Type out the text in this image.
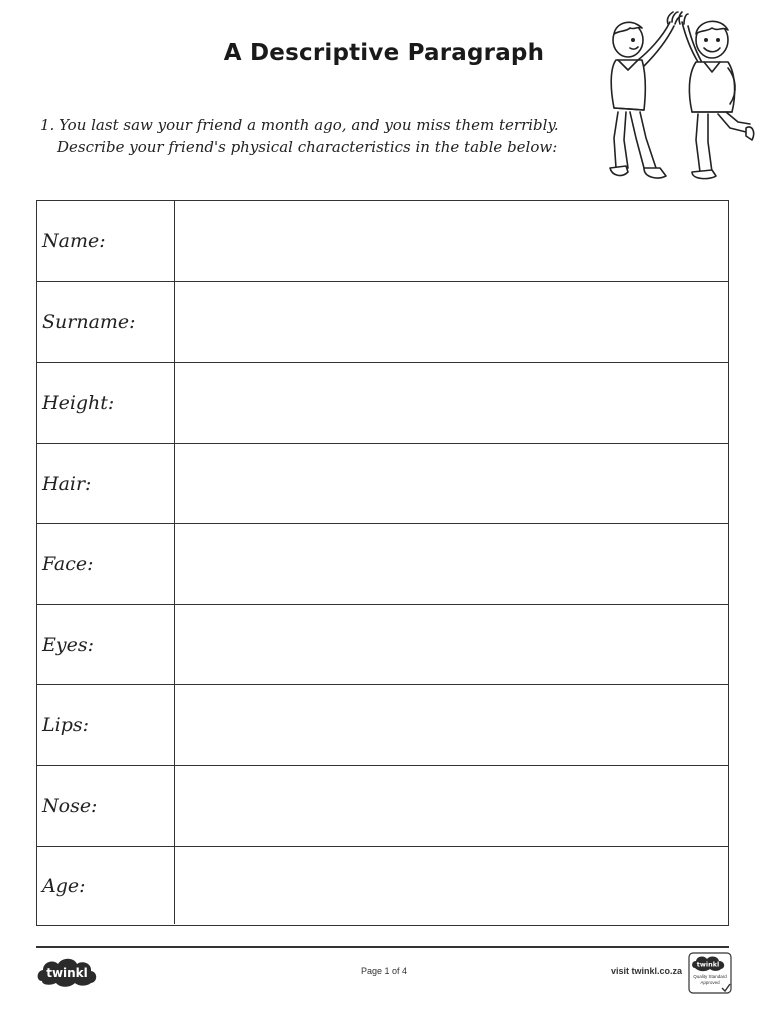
A Descriptive Paragraph
1. You last saw your friend a month ago, and you miss them terribly.
Describe your friend's physical characteristics in the table below:
Name:
Surname:
Height:
Hair:
Face:
Eyes:
Lips:
Nose:
Age:
twinkl	Page 1 of 4	visit twinkl.co.za
twinkl
Quality Standard Approved
